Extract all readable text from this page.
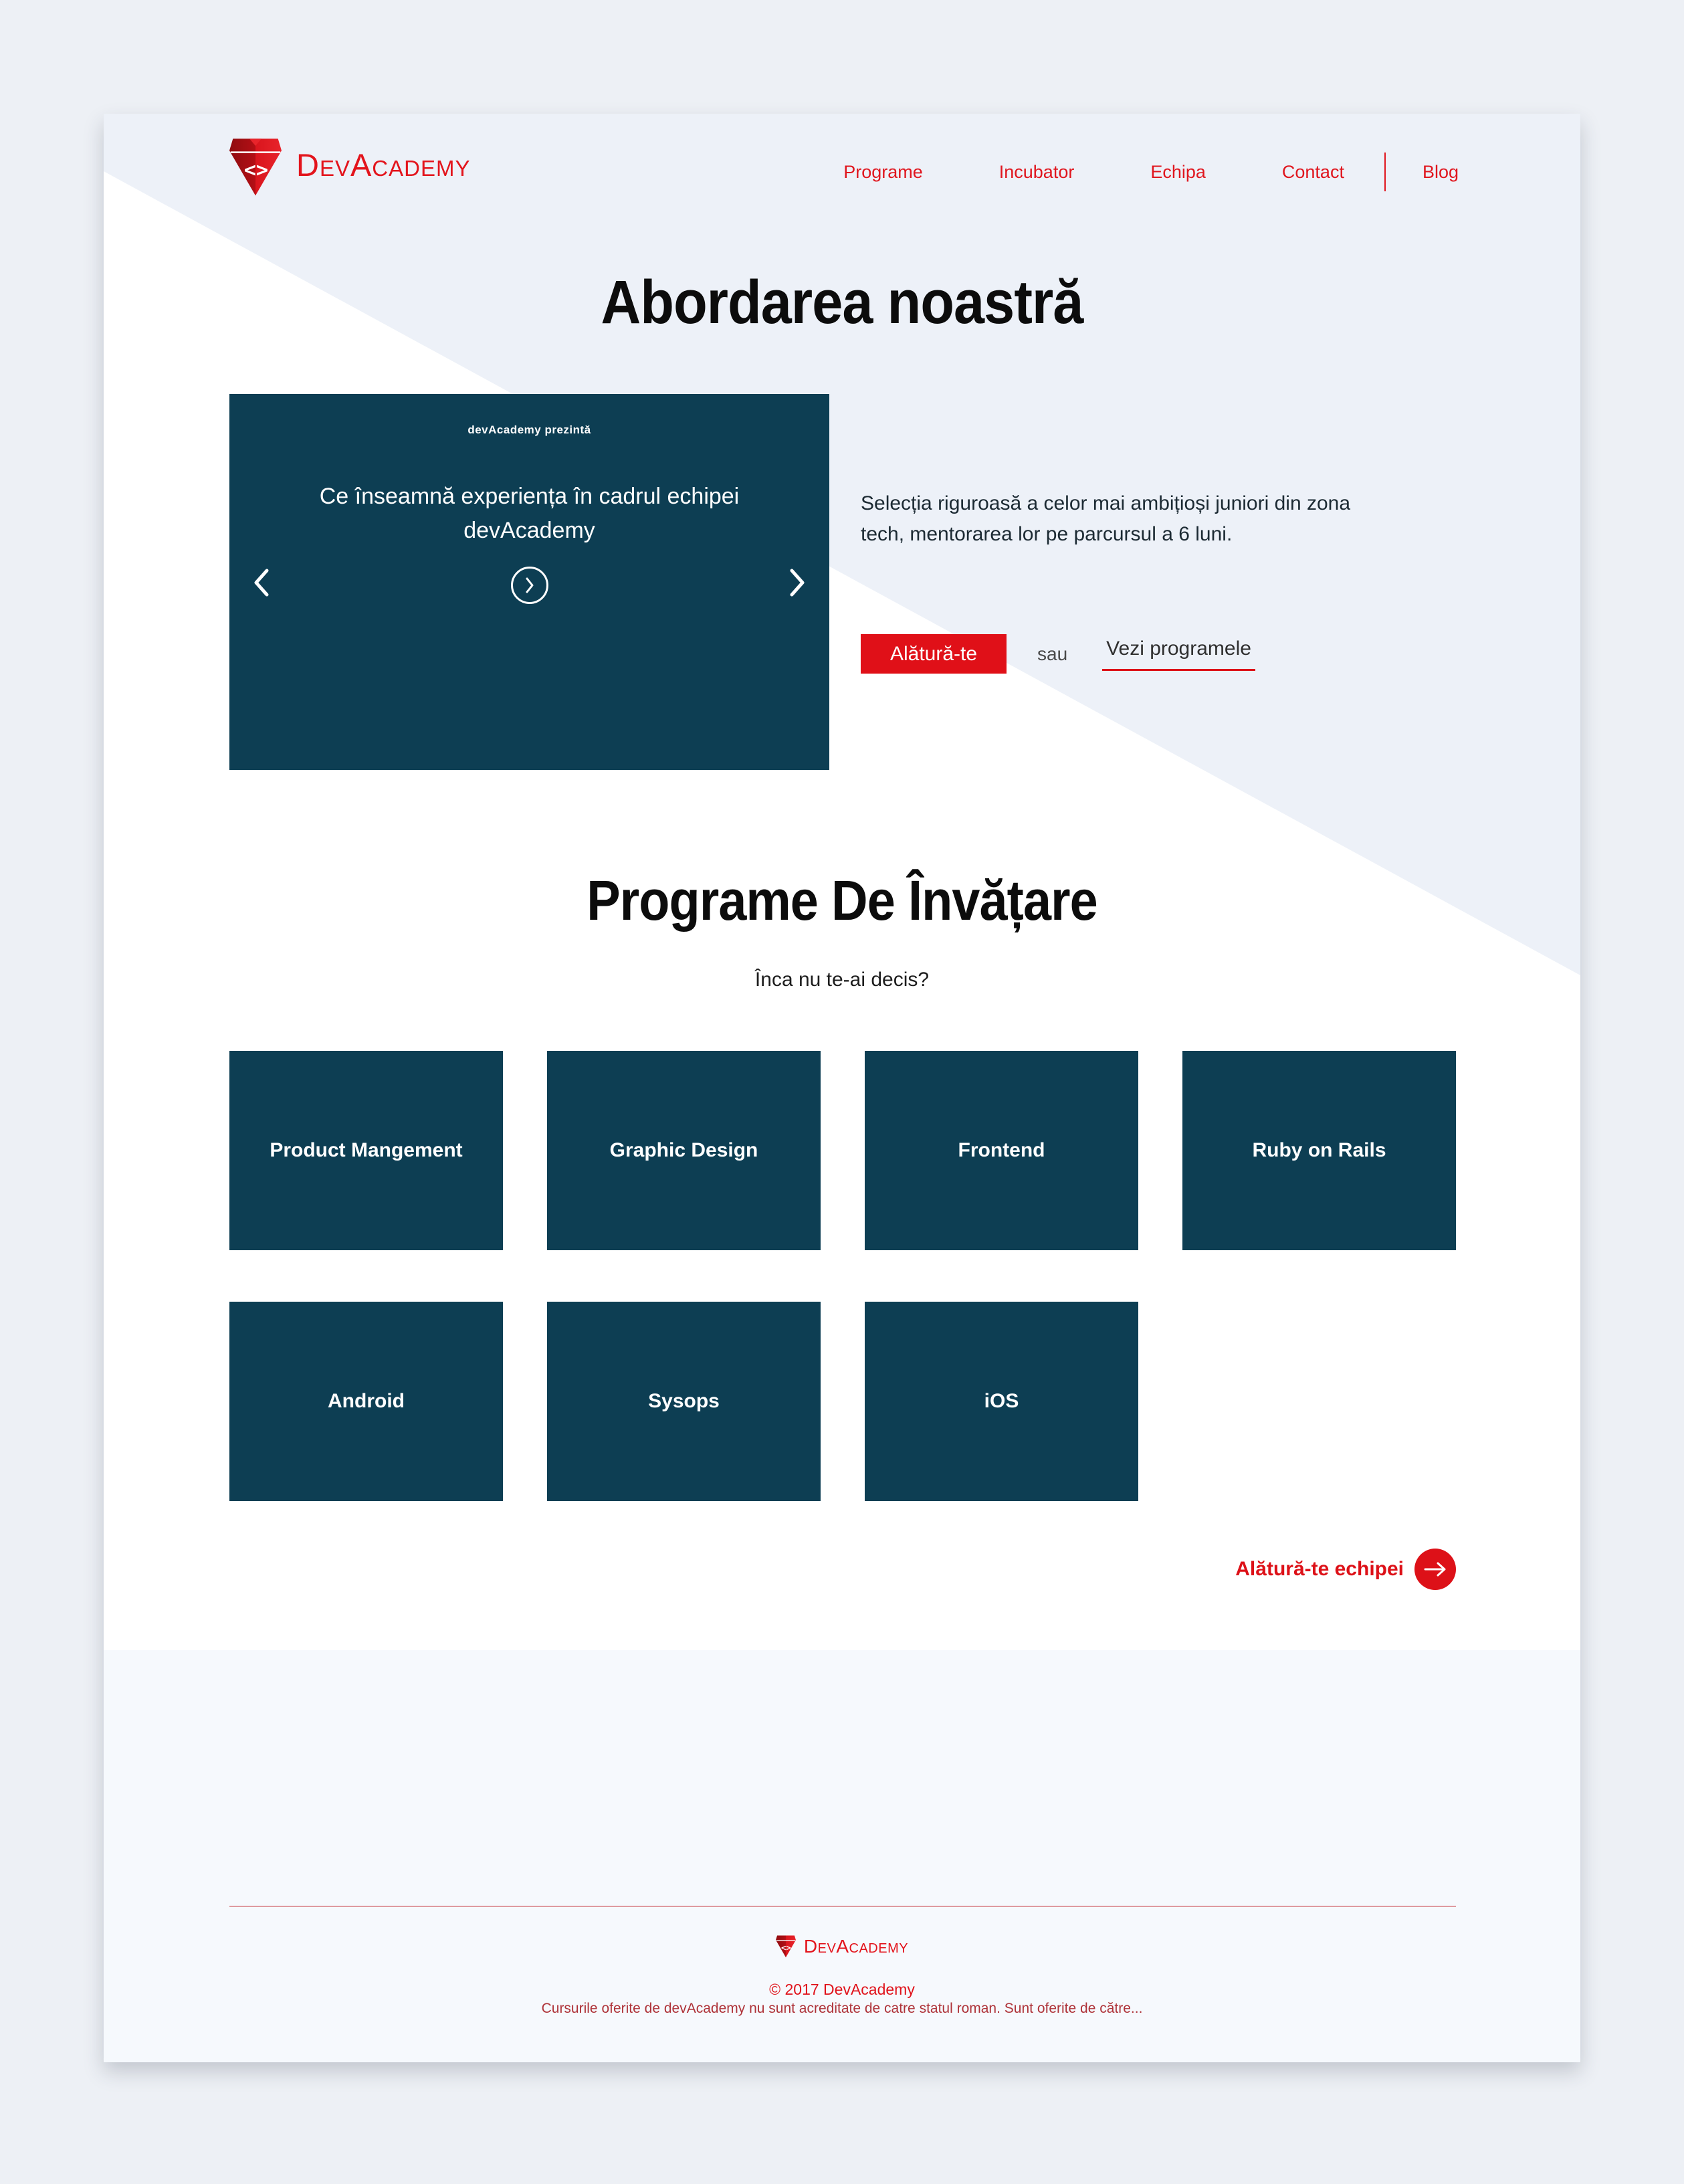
<> DevAcademy	Programe	Incubator	Echipa	Contact	Blog
Abordarea noastră
devAcademy prezintă
Ce înseamnă experiența în cadrul echipei devAcademy
Selecția riguroasă a celor mai ambițioși juniori din zona tech, mentorarea lor pe parcursul a 6 luni.
Alătură-te	sau Vezi programele
Programe De Învățare
Înca nu te-ai decis?
Product Mangement	Graphic Design	Frontend	Ruby on Rails
Android	Sysops	iOS
Alătură-te echipei
<> DevAcademy
© 2017 DevAcademy
Cursurile oferite de devAcademy nu sunt acreditate de catre statul roman. Sunt oferite de către...
